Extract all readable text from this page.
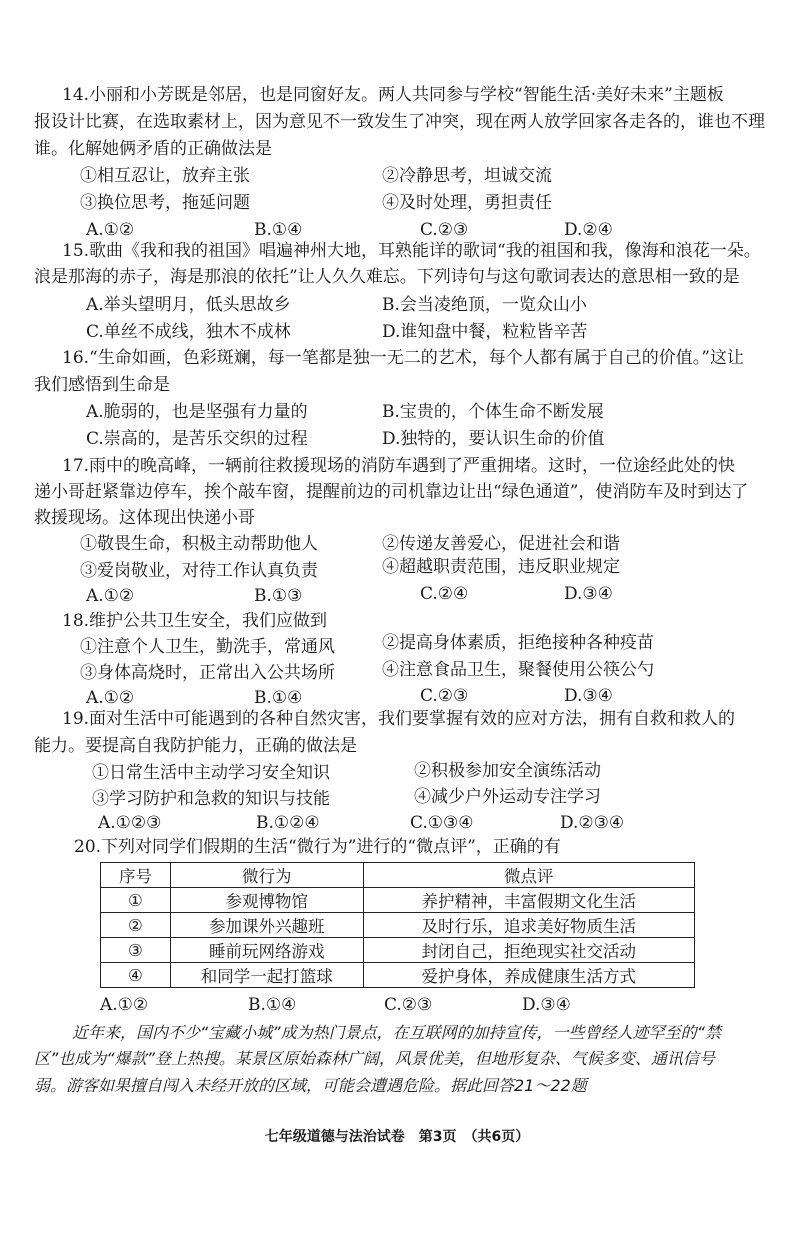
14.小丽和小芳既是邻居，也是同窗好友。两人共同参与学校“智能生活·美好未来”主题板
报设计比赛，在选取素材上，因为意见不一致发生了冲突，现在两人放学回家各走各的，谁也不理
谁。化解她俩矛盾的正确做法是
①相互忍让，放弃主张	②冷静思考，坦诚交流
③换位思考，拖延问题	④及时处理，勇担责任
A.①②	B.①④	C.②③	D.②④
15.歌曲《我和我的祖国》唱遍神州大地，耳熟能详的歌词“我的祖国和我，像海和浪花一朵。
浪是那海的赤子，海是那浪的依托”让人久久难忘。下列诗句与这句歌词表达的意思相一致的是
A.举头望明月，低头思故乡	B.会当凌绝顶，一览众山小
C.单丝不成线，独木不成林	D.谁知盘中餐，粒粒皆辛苦
16.“生命如画，色彩斑斓，每一笔都是独一无二的艺术，每个人都有属于自己的价值。”这让
我们感悟到生命是
A.脆弱的，也是坚强有力量的	B.宝贵的，个体生命不断发展
C.崇高的，是苦乐交织的过程	D.独特的，要认识生命的价值
17.雨中的晚高峰，一辆前往救援现场的消防车遇到了严重拥堵。这时，一位途经此处的快
递小哥赶紧靠边停车，挨个敲车窗，提醒前边的司机靠边让出“绿色通道”，使消防车及时到达了
救援现场。这体现出快递小哥
①敬畏生命，积极主动帮助他人	②传递友善爱心，促进社会和谐
③爱岗敬业，对待工作认真负责	④超越职责范围，违反职业规定
A.①②	B.①③	C.②④	D.③④
18.维护公共卫生安全，我们应做到
①注意个人卫生，勤洗手，常通风	②提高身体素质，拒绝接种各种疫苗
③身体高烧时，正常出入公共场所	④注意食品卫生，聚餐使用公筷公勺
A.①②	B.①④	C.②③	D.③④
19.面对生活中可能遇到的各种自然灾害，我们要掌握有效的应对方法，拥有自救和救人的
能力。要提高自我防护能力，正确的做法是
①日常生活中主动学习安全知识	②积极参加安全演练活动
③学习防护和急救的知识与技能	④减少户外运动专注学习
A.①②③	B.①②④	C.①③④	D.②③④
20.下列对同学们假期的生活“微行为”进行的“微点评”，正确的有
序号	微行为	微点评
①	参观博物馆	养护精神，丰富假期文化生活
②	参加课外兴趣班	及时行乐，追求美好物质生活
③	睡前玩网络游戏	封闭自己，拒绝现实社交活动
④	和同学一起打篮球	爱护身体，养成健康生活方式
A.①②	B.①④	C.②③	D.③④
近年来，国内不少“宝藏小城”成为热门景点，在互联网的加持宣传，一些曾经人迹罕至的“禁
区”也成为“爆款”登上热搜。某景区原始森林广阔，风景优美，但地形复杂、气候多变、通讯信号
弱。游客如果擅自闯入未经开放的区域，可能会遭遇危险。据此回答21～22题
七年级道德与法治试卷　第3页　（共6页）
